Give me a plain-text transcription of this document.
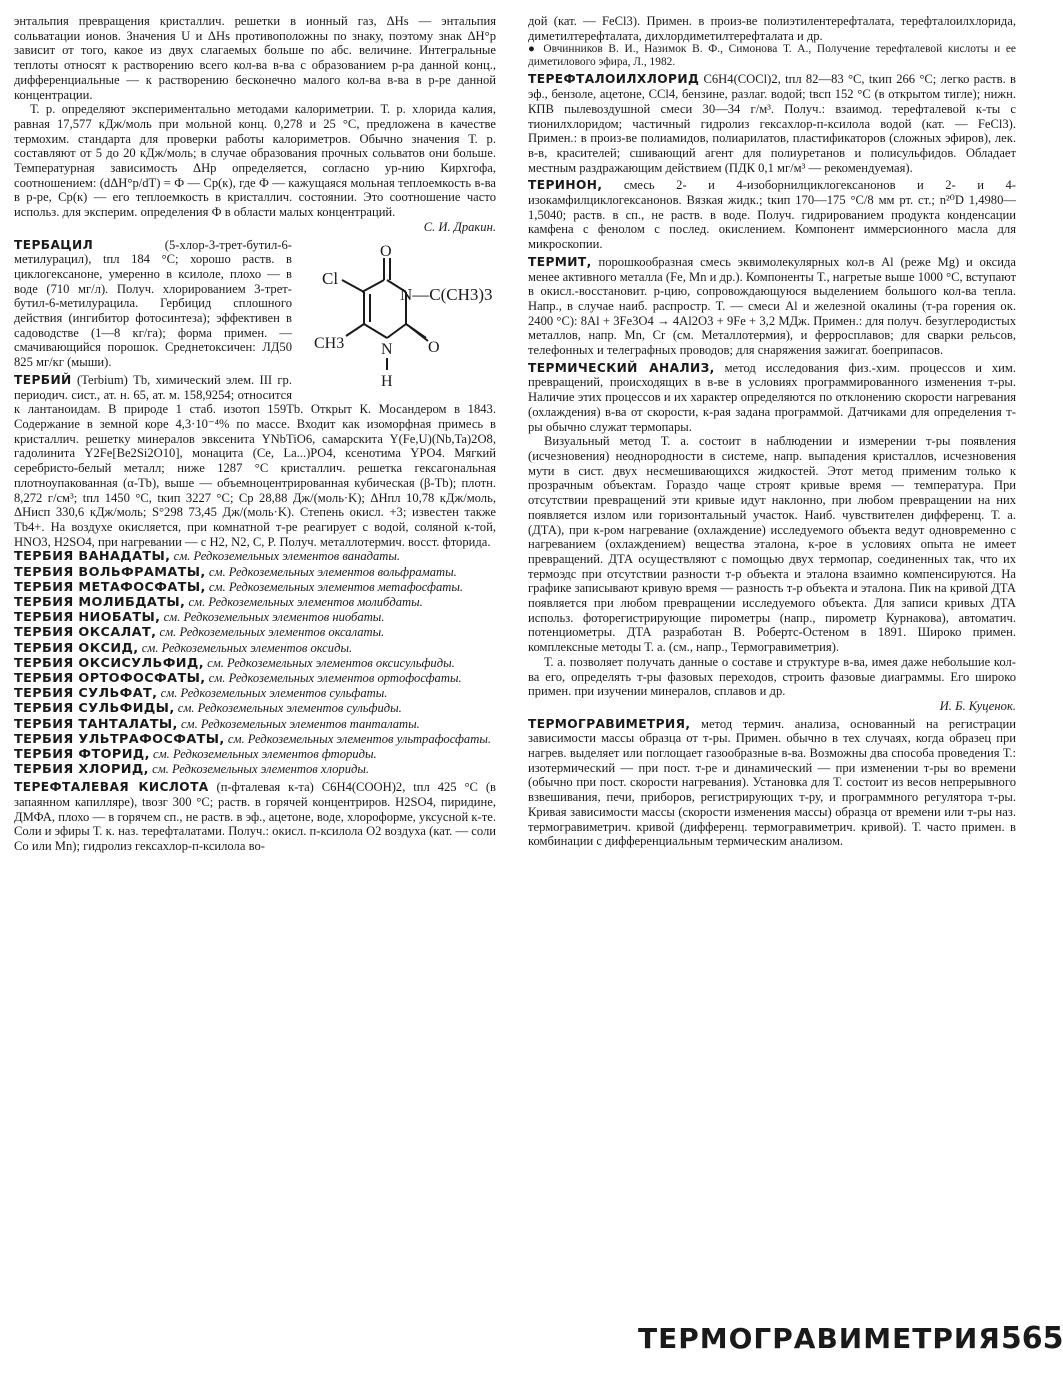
энтальпия превращения кристаллич. решетки в ионный газ, ΔHs — энтальпия сольватации ионов. Значения U и ΔHs противоположны по знаку, поэтому знак ΔH°р зависит от того, какое из двух слагаемых больше по абс. величине. Интегральные теплоты относят к растворению всего кол-ва в-ва с образованием р-ра данной конц., дифференциальные — к растворению бесконечно малого кол-ва в-ва в р-ре данной концентрации.

Т. р. определяют экспериментально методами калориметрии. Т. р. хлорида калия, равная 17,577 кДж/моль при мольной конц. 0,278 и 25 °С, предложена в качестве термохим. стандарта для проверки работы калориметров. Обычно значения Т. р. составляют от 5 до 20 кДж/моль; в случае образования прочных сольватов они больше. Температурная зависимость ΔHр определяется, согласно ур-нию Кирхгофа, соотношением: (dΔH°р/dT) = Ф — Cp(к), где Ф — кажущаяся мольная теплоемкость в-ва в р-ре, Cp(к) — его теплоемкость в кристаллич. состоянии. Это соотношение часто использ. для эксперим. определения Ф в области малых концентраций.

С. И. Дракин.

Cl
O
N—C(CH3)3
CH3	O
N
H

ТЕРБАЦИЛ	(5-хлор-3-трет-бутил-6-метилурацил), tпл 184 °С; хорошо раств. в циклогексаноне, умеренно в ксилоле, плохо — в воде (710 мг/л). Получ. хлорированием 3-трет-бутил-6-метилурацила. Гербицид сплошного действия (ингибитор фотосинтеза); эффективен в садоводстве (1—8 кг/га); форма примен. — смачивающийся порошок. Среднетоксичен: ЛД50 825 мг/кг (мыши).

ТЕРБИЙ (Terbium) Tb, химический элем. III гр. периодич. сист., ат. н. 65, ат. м. 158,9254; относится к лантаноидам. В природе 1 стаб. изотоп 159Tb. Открыт К. Мосандером в 1843. Содержание в земной коре 4,3·10⁻⁴% по массе. Входит как изоморфная примесь в кристаллич. решетку минералов эвксенита YNbTiO6, самарскита Y(Fe,U)(Nb,Ta)2O8, гадолинита Y2Fe[Be2Si2O10], монацита (Ce, La...)PO4, ксенотима YPO4. Мягкий серебристо-белый металл; ниже 1287 °С кристаллич. решетка гексагональная плотноупакованная (α-Tb), выше — объемноцентрированная кубическая (β-Tb); плотн. 8,272 г/см³; tпл 1450 °С, tкип 3227 °С; Cp 28,88 Дж/(моль·K); ΔHпл 10,78 кДж/моль, ΔHисп 330,6 кДж/моль; S°298 73,45 Дж/(моль·K). Степень окисл. +3; известен также Tb4+. На воздухе окисляется, при комнатной т-ре реагирует с водой, соляной к-той, HNO3, H2SO4, при нагревании — с H2, N2, C, P. Получ. металлотермич. восст. фторида.

ТЕРБИЯ ВАНАДАТЫ, см. Редкоземельных элементов ванадаты.

ТЕРБИЯ ВОЛЬФРАМАТЫ, см. Редкоземельных элементов вольфраматы.

ТЕРБИЯ МЕТАФОСФАТЫ, см. Редкоземельных элементов метафосфаты.

ТЕРБИЯ МОЛИБДАТЫ, см. Редкоземельных элементов молибдаты.

ТЕРБИЯ НИОБАТЫ, см. Редкоземельных элементов ниобаты.

ТЕРБИЯ ОКСАЛАТ, см. Редкоземельных элементов оксалаты.

ТЕРБИЯ ОКСИД, см. Редкоземельных элементов оксиды.

ТЕРБИЯ ОКСИСУЛЬФИД, см. Редкоземельных элементов оксисульфиды.

ТЕРБИЯ ОРТОФОСФАТЫ, см. Редкоземельных элементов ортофосфаты.

ТЕРБИЯ СУЛЬФАТ, см. Редкоземельных элементов сульфаты.

ТЕРБИЯ СУЛЬФИДЫ, см. Редкоземельных элементов сульфиды.

ТЕРБИЯ ТАНТАЛАТЫ, см. Редкоземельных элементов танталаты.

ТЕРБИЯ УЛЬТРАФОСФАТЫ, см. Редкоземельных элементов ультрафосфаты.

ТЕРБИЯ ФТОРИД, см. Редкоземельных элементов фториды.

ТЕРБИЯ ХЛОРИД, см. Редкоземельных элементов хлориды.

ТЕРЕФТАЛЕВАЯ КИСЛОТА (п-фталевая к-та) C6H4(COOH)2, tпл 425 °С (в запаянном капилляре), tвозг 300 °С; раств. в горячей концентриров. H2SO4, пиридине, ДМФА, плохо — в горячем сп., не раств. в эф., ацетоне, воде, хлороформе, уксусной к-те. Соли и эфиры Т. к. наз. терефталатами. Получ.: окисл. п-ксилола O2 воздуха (кат. — соли Co или Mn); гидролиз гексахлор-п-ксилола во-

дой (кат. — FeCl3). Примен. в произ-ве полиэтилентерефталата, терефталоилхлорида, диметилтерефталата, дихлордиметилтерефталата и др.

● Овчинников В. И., Назимок В. Ф., Симонова Т. А., Получение терефталевой кислоты и ее диметилового эфира, Л., 1982.

ТЕРЕФТАЛОИЛХЛОРИД C6H4(COCl)2, tпл 82—83 °С, tкип 266 °С; легко раств. в эф., бензоле, ацетоне, CCl4, бензине, разлаг. водой; tвсп 152 °С (в открытом тигле); нижн. КПВ пылевоздушной смеси 30—34 г/м³. Получ.: взаимод. терефталевой к-ты с тионилхлоридом; частичный гидролиз гексахлор-п-ксилола водой (кат. — FeCl3). Примен.: в произ-ве полиамидов, полиарилатов, пластификаторов (сложных эфиров), лек. в-в, красителей; сшивающий агент для полиуретанов и полисульфидов. Обладает местным раздражающим действием (ПДК 0,1 мг/м³ — рекомендуемая).

ТЕРИНОН, смесь 2- и 4-изоборнилциклогексанонов и 2- и 4-изокамфилциклогексанонов. Вязкая жидк.; tкип 170—175 °С/8 мм рт. ст.; n²⁰D 1,4980—1,5040; раств. в сп., не раств. в воде. Получ. гидрированием продукта конденсации камфена с фенолом с послед. окислением. Компонент иммерсионного масла для микроскопии.

ТЕРМИТ, порошкообразная смесь эквимолекулярных кол-в Al (реже Mg) и оксида менее активного металла (Fe, Mn и др.). Компоненты Т., нагретые выше 1000 °С, вступают в окисл.-восстановит. р-цию, сопровождающуюся выделением большого кол-ва тепла. Напр., в случае наиб. распростр. Т. — смеси Al и железной окалины (т-ра горения ок. 2400 °С): 8Al + 3Fe3O4 → 4Al2O3 + 9Fe + 3,2 МДж. Примен.: для получ. безуглеродистых металлов, напр. Mn, Cr (см. Металлотермия), и ферросплавов; для сварки рельсов, телефонных и телеграфных проводов; для снаряжения зажигат. боеприпасов.

ТЕРМИЧЕСКИЙ АНАЛИЗ, метод исследования физ.-хим. процессов и хим. превращений, происходящих в в-ве в условиях программированного изменения т-ры. Наличие этих процессов и их характер определяются по отклонению скорости нагревания (охлаждения) в-ва от скорости, к-рая задана программой. Датчиками для определения т-ры обычно служат термопары.

Визуальный метод Т. а. состоит в наблюдении и измерении т-ры появления (исчезновения) неоднородности в системе, напр. выпадения кристаллов, исчезновения мути в сист. двух несмешивающихся жидкостей. Этот метод применим только к прозрачным объектам. Гораздо чаще строят кривые время — температура. При отсутствии превращений эти кривые идут наклонно, при любом превращении на них появляется излом или горизонтальный участок. Наиб. чувствителен дифференц. Т. а. (ДТА), при к-ром нагревание (охлаждение) исследуемого объекта ведут одновременно с нагреванием (охлаждением) вещества эталона, к-рое в условиях опыта не имеет превращений. ДТА осуществляют с помощью двух термопар, соединенных так, что их термоэдс при отсутствии разности т-р объекта и эталона взаимно компенсируются. На графике записывают кривую время — разность т-р объекта и эталона. Пик на кривой ДТА появляется при любом превращении исследуемого объекта. Для записи кривых ДТА использ. фоторегистрирующие пирометры (напр., пирометр Курнакова), автоматич. потенциометры. ДТА разработан В. Робертс-Остеном в 1891. Широко примен. комплексные методы Т. а. (см., напр., Термогравиметрия).

Т. а. позволяет получать данные о составе и структуре в-ва, имея даже небольшие кол-ва его, определять т-ры фазовых переходов, строить фазовые диаграммы. Его широко примен. при изучении минералов, сплавов и др.

И. Б. Куценок.

ТЕРМОГРАВИМЕТРИЯ, метод термич. анализа, основанный на регистрации зависимости массы образца от т-ры. Примен. обычно в тех случаях, когда образец при нагрев. выделяет или поглощает газообразные в-ва. Возможны два способа проведения Т.: изотермический — при пост. т-ре и динамический — при изменении т-ры во времени (обычно при пост. скорости нагревания). Установка для Т. состоит из весов непрерывного взвешивания, печи, приборов, регистрирующих т-ру, и программного регулятора т-ры. Кривая зависимости массы (скорости изменения массы) образца от времени или т-ры наз. термогравиметрич. кривой (дифференц. термогравиметрич. кривой). Т. часто примен. в комбинации с дифференциальным термическим анализом.

ТЕРМОГРАВИМЕТРИЯ 565
